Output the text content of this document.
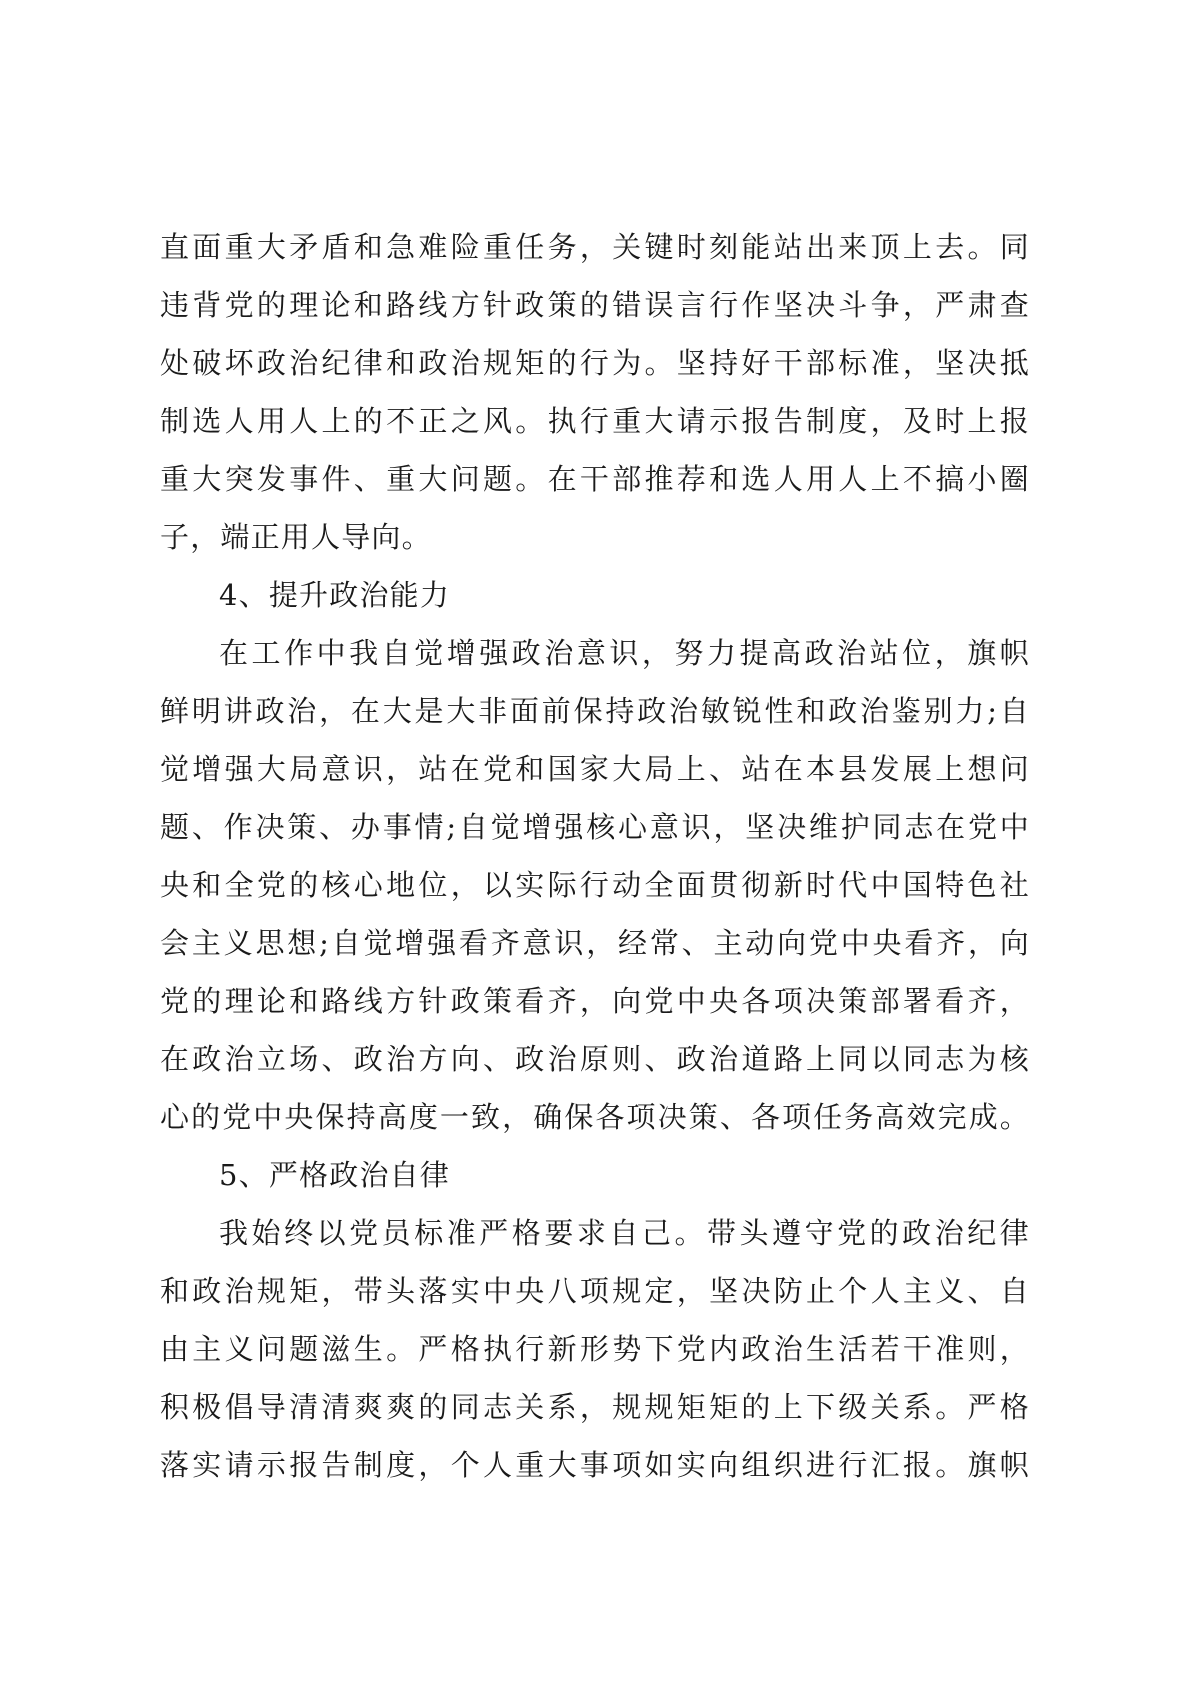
直面重大矛盾和急难险重任务，关键时刻能站出来顶上去。同
违背党的理论和路线方针政策的错误言行作坚决斗争，严肃查
处破坏政治纪律和政治规矩的行为。坚持好干部标准，坚决抵
制选人用人上的不正之风。执行重大请示报告制度，及时上报
重大突发事件、重大问题。在干部推荐和选人用人上不搞小圈
子，端正用人导向。
4、提升政治能力
在工作中我自觉增强政治意识，努力提高政治站位，旗帜
鲜明讲政治，在大是大非面前保持政治敏锐性和政治鉴别力;自
觉增强大局意识，站在党和国家大局上、站在本县发展上想问
题、作决策、办事情;自觉增强核心意识，坚决维护同志在党中
央和全党的核心地位，以实际行动全面贯彻新时代中国特色社
会主义思想;自觉增强看齐意识，经常、主动向党中央看齐，向
党的理论和路线方针政策看齐，向党中央各项决策部署看齐，
在政治立场、政治方向、政治原则、政治道路上同以同志为核
心的党中央保持高度一致，确保各项决策、各项任务高效完成。
5、严格政治自律
我始终以党员标准严格要求自己。带头遵守党的政治纪律
和政治规矩，带头落实中央八项规定，坚决防止个人主义、自
由主义问题滋生。严格执行新形势下党内政治生活若干准则，
积极倡导清清爽爽的同志关系，规规矩矩的上下级关系。严格
落实请示报告制度，个人重大事项如实向组织进行汇报。旗帜
